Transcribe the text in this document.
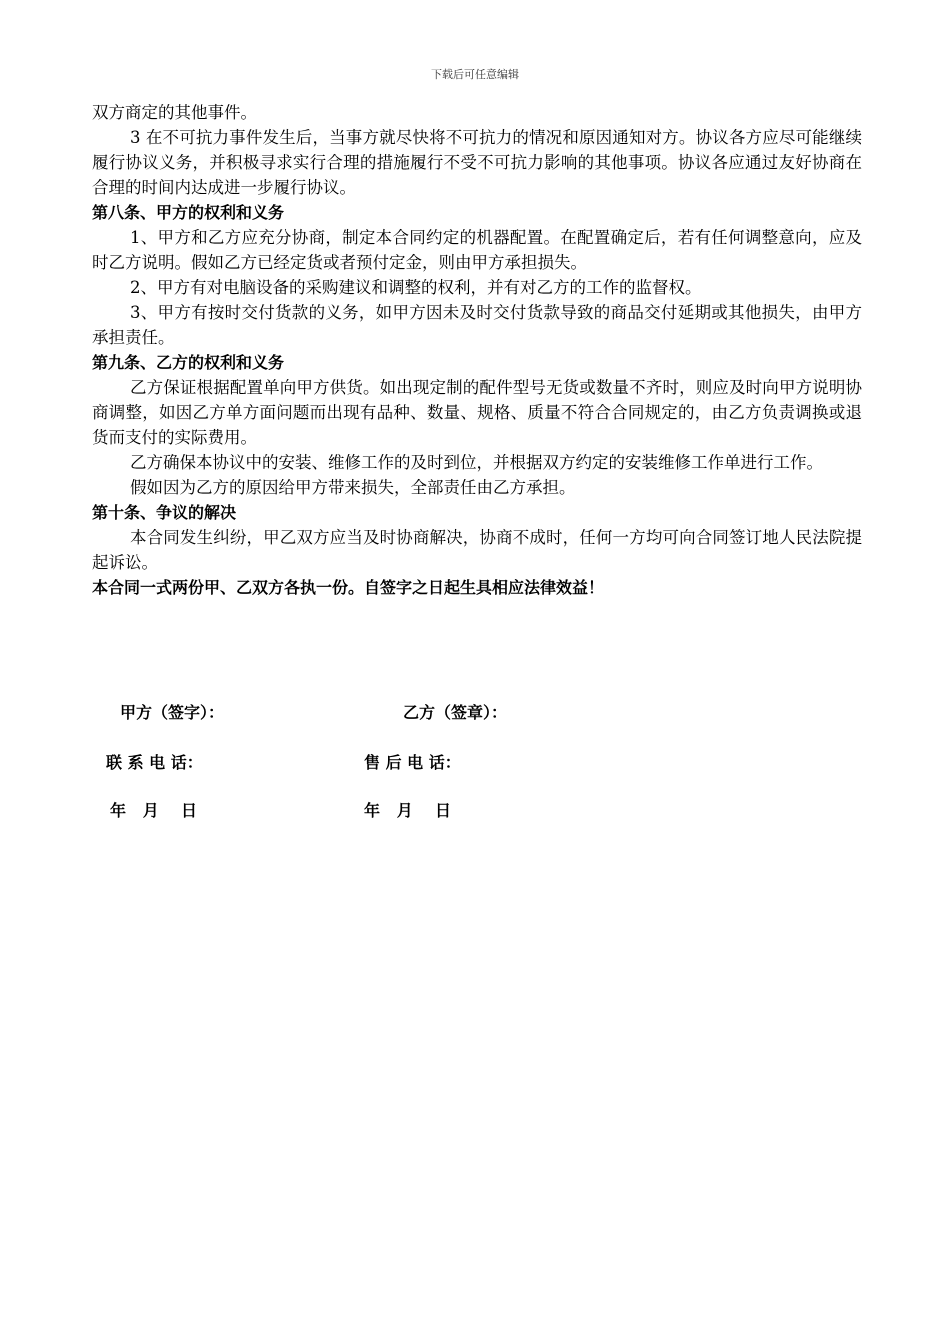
下载后可任意编辑

双方商定的其他事件。

3 在不可抗力事件发生后，当事方就尽快将不可抗力的情况和原因通知对方。协议各方应尽可能继续履行协议义务，并积极寻求实行合理的措施履行不受不可抗力影响的其他事项。协议各应通过友好协商在合理的时间内达成进一步履行协议。

第八条、甲方的权利和义务

1、甲方和乙方应充分协商，制定本合同约定的机器配置。在配置确定后，若有任何调整意向，应及时乙方说明。假如乙方已经定货或者预付定金，则由甲方承担损失。

2、甲方有对电脑设备的采购建议和调整的权利，并有对乙方的工作的监督权。

3、甲方有按时交付货款的义务，如甲方因未及时交付货款导致的商品交付延期或其他损失，由甲方承担责任。

第九条、乙方的权利和义务

乙方保证根据配置单向甲方供货。如出现定制的配件型号无货或数量不齐时，则应及时向甲方说明协商调整，如因乙方单方面问题而出现有品种、数量、规格、质量不符合合同规定的，由乙方负责调换或退货而支付的实际费用。

乙方确保本协议中的安装、维修工作的及时到位，并根据双方约定的安装维修工作单进行工作。

假如因为乙方的原因给甲方带来损失，全部责任由乙方承担。

第十条、争议的解决

本合同发生纠纷，甲乙双方应当及时协商解决，协商不成时，任何一方均可向合同签订地人民法院提起诉讼。

本合同一式两份甲、乙双方各执一份。自签字之日起生具相应法律效益！

甲方（签字）：	乙方（签章）：
联 系 电 话：	售 后 电 话：
年   月    日	年   月    日
